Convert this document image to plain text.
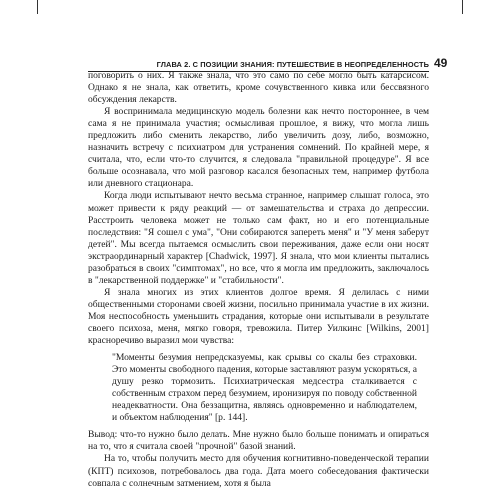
ГЛАВА 2. С ПОЗИЦИИ ЗНАНИЯ: ПУТЕШЕСТВИЕ В НЕОПРЕДЕЛЕННОСТЬ 49

поговорить о них. Я также знала, что это само по себе могло быть катарсисом. Однако я не знала, как ответить, кроме сочувственного кивка или бессвязного обсуждения лекарств.

Я воспринимала медицинскую модель болезни как нечто постороннее, в чем сама я не принимала участия; осмысливая прошлое, я вижу, что могла лишь предложить либо сменить лекарство, либо увеличить дозу, либо, возможно, назначить встречу с психиатром для устранения сомнений. По крайней мере, я считала, что, если что-то случится, я следовала "правильной процедуре". Я все больше осознавала, что мой разговор касался безопасных тем, например футбола или дневного стационара.

Когда люди испытывают нечто весьма странное, например слышат голоса, это может привести к ряду реакций — от замешательства и страха до депрессии. Расстроить человека может не только сам факт, но и его потенциальные последствия: "Я сошел с ума", "Они собираются запереть меня" и "У меня заберут детей". Мы всегда пытаемся осмыслить свои переживания, даже если они носят экстраординарный характер [Chadwick, 1997]. Я знала, что мои клиенты пытались разобраться в своих "симптомах", но все, что я могла им предложить, заключалось в "лекарственной поддержке" и "стабильности".

Я знала многих из этих клиентов долгое время. Я делилась с ними общественными сторонами своей жизни, посильно принимала участие в их жизни. Моя неспособность уменьшить страдания, которые они испытывали в результате своего психоза, меня, мягко говоря, тревожила. Питер Уилкинс [Wilkins, 2001] красноречиво выразил мои чувства:

"Моменты безумия непредсказуемы, как срывы со скалы без страховки. Это моменты свободного падения, которые заставляют разум ускоряться, а душу резко тормозить. Психиатрическая медсестра сталкивается с собственным страхом перед безумием, иронизируя по поводу собственной неадекватности. Она беззащитна, являясь одновременно и наблюдателем, и объектом наблюдения" [p. 144].

Вывод: что-то нужно было делать. Мне нужно было больше понимать и опираться на то, что я считала своей "прочной" базой знаний.

На то, чтобы получить место для обучения когнитивно-поведенческой терапии (КПТ) психозов, потребовалось два года. Дата моего собеседования фактически совпала с солнечным затмением, хотя я была
